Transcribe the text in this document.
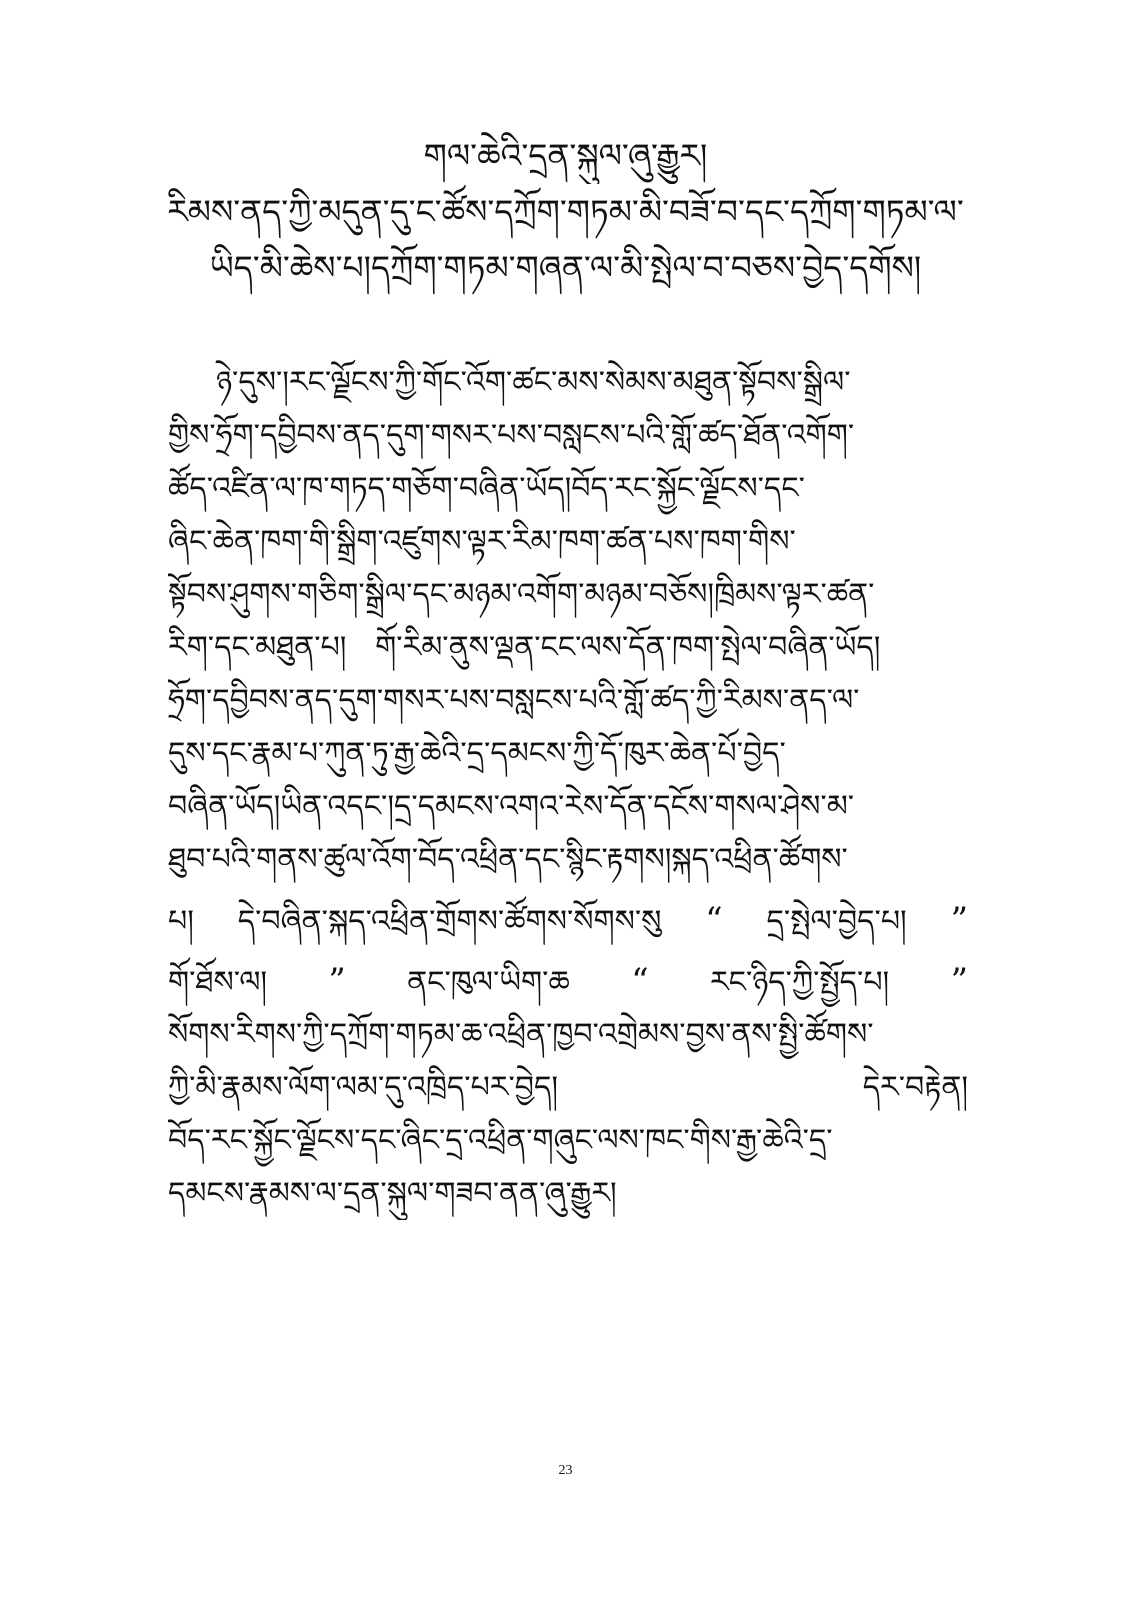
གལ་ཆེའི་དྲན་སྐུལ་ཞུ་རྒྱུར།
རིམས་ནད་ཀྱི་མདུན་དུ་ང་ཚོས་དཀྲོག་གཏམ་མི་བཟོ་བ་དང་དཀྲོག་གཏམ་ལ་
ཡིད་མི་ཆེས་པ།དཀྲོག་གཏམ་གཞན་ལ་མི་སྤེལ་བ་བཅས་བྱེད་དགོས།
ཉེ་དུས་།རང་ལྗོངས་ཀྱི་གོང་འོག་ཚང་མས་སེམས་མཐུན་སྟོབས་སྒྲིལ་
གྱིས་ཧྲོག་དབྱིབས་ནད་དུག་གསར་པས་བསླངས་པའི་གློ་ཚད་ཐོན་འགོག་
ཚོད་འཛིན་ལ་ཁ་གཏད་གཅོག་བཞིན་ཡོད།བོད་རང་སྐྱོང་ལྗོངས་དང་
ཞིང་ཆེན་ཁག་གི་སྒྲིག་འཛུགས་ལྟར་རིམ་ཁག་ཚན་པས་ཁག་གིས་
སྟོབས་ཤུགས་གཅིག་སྒྲིལ་དང་མཉམ་འགོག་མཉམ་བཅོས།ཁྲིམས་ལྟར་ཚན་
རིག་དང་མཐུན་པ། གོ་རིམ་ནུས་ལྡན་ངང་ལས་དོན་ཁག་སྤེལ་བཞིན་ཡོད།
ཧྲོག་དབྱིབས་ནད་དུག་གསར་པས་བསླངས་པའི་གློ་ཚད་ཀྱི་རིམས་ནད་ལ་
དུས་དང་རྣམ་པ་ཀུན་ཏུ་རྒྱ་ཆེའི་དྲ་དམངས་ཀྱི་དོ་ཁུར་ཆེན་པོ་བྱེད་
བཞིན་ཡོད།ཡིན་འདང་།དྲ་དམངས་འགའ་རེས་དོན་དངོས་གསལ་ཤེས་མ་
ཐུབ་པའི་གནས་ཚུལ་འོག་བོད་འཕྲིན་དང་སྙིང་རྟགས།སྐད་འཕྲིན་ཚོགས་
པ། དེ་བཞིན་སྐད་འཕྲིན་གྲོགས་ཚོགས་སོགས་སུ “ དྲ་སྤེལ་བྱེད་པ། ”
གོ་ཐོས་ལ། ” ནང་ཁུལ་ཡིག་ཆ “ རང་ཉིད་ཀྱི་སྤྱོད་པ། ”
སོགས་རིགས་ཀྱི་དཀྲོག་གཏམ་ཆ་འཕྲིན་ཁྱབ་འགྲེམས་བྱས་ནས་སྤྱི་ཚོགས་
ཀྱི་མི་རྣམས་ལོག་ལམ་དུ་འཁྲིད་པར་བྱེད།	དེར་བརྟེན།
བོད་རང་སྐྱོང་ལྗོངས་དང་ཞིང་དྲ་འཕྲིན་གཞུང་ལས་ཁང་གིས་རྒྱ་ཆེའི་དྲ་
དམངས་རྣམས་ལ་དྲན་སྐུལ་གཟབ་ནན་ཞུ་རྒྱུར།
23
